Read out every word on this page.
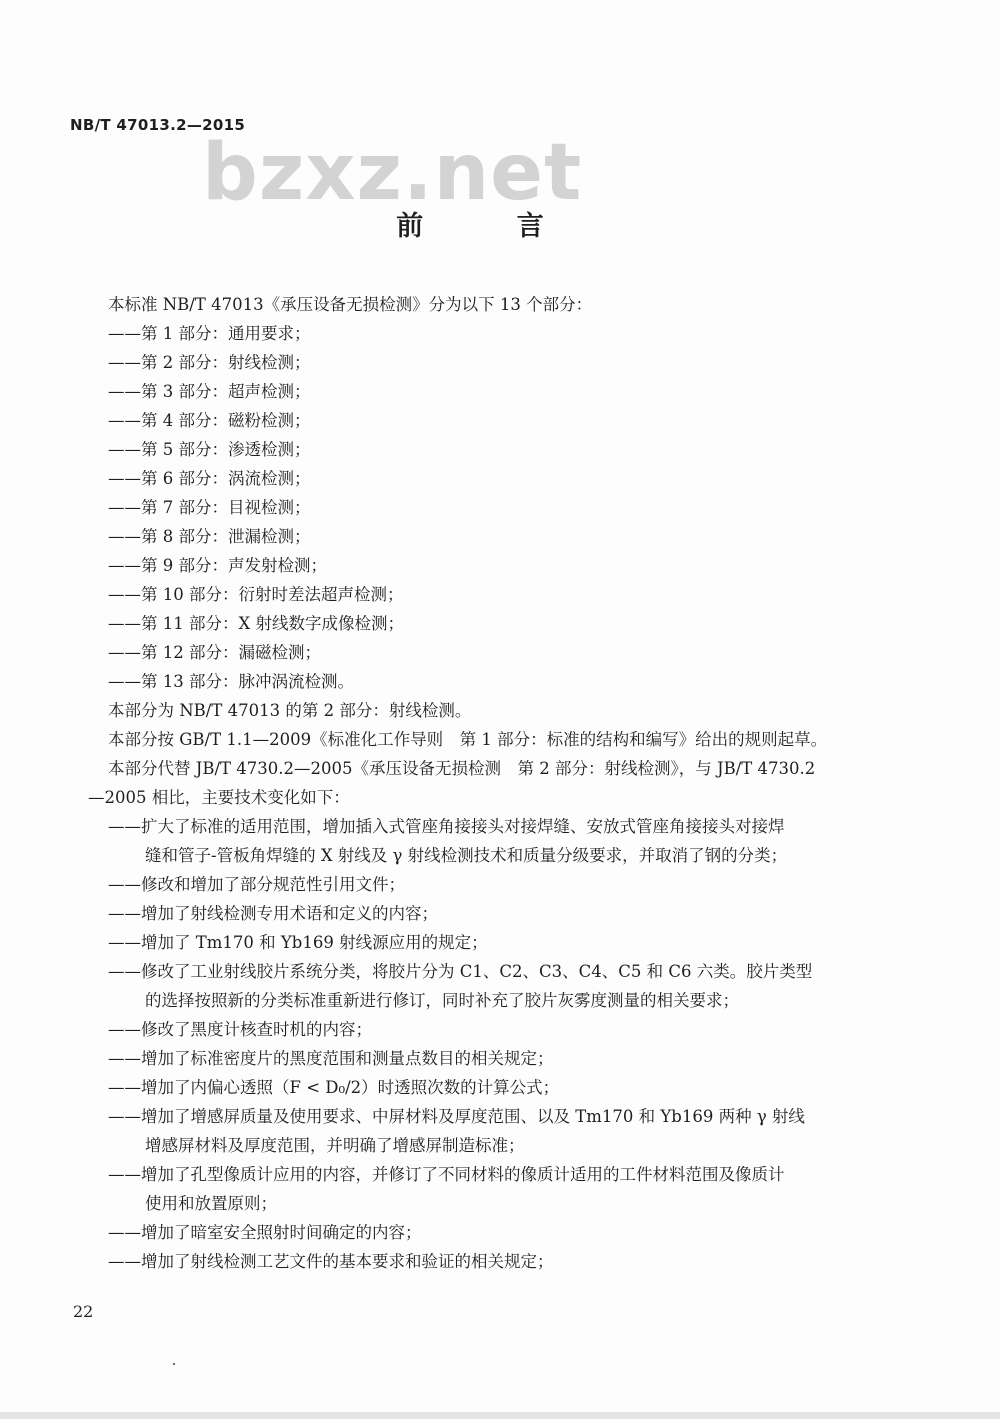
NB/T 47013.2—2015
bzxz.net
前 言
本标准 NB/T 47013《承压设备无损检测》分为以下 13 个部分：
——第 1 部分：通用要求；
——第 2 部分：射线检测；
——第 3 部分：超声检测；
——第 4 部分：磁粉检测；
——第 5 部分：渗透检测；
——第 6 部分：涡流检测；
——第 7 部分：目视检测；
——第 8 部分：泄漏检测；
——第 9 部分：声发射检测；
——第 10 部分：衍射时差法超声检测；
——第 11 部分：X 射线数字成像检测；
——第 12 部分：漏磁检测；
——第 13 部分：脉冲涡流检测。
本部分为 NB/T 47013 的第 2 部分：射线检测。
本部分按 GB/T 1.1—2009《标准化工作导则　第 1 部分：标准的结构和编写》给出的规则起草。
本部分代替 JB/T 4730.2—2005《承压设备无损检测　第 2 部分：射线检测》，与 JB/T 4730.2
—2005 相比，主要技术变化如下：
——扩大了标准的适用范围，增加插入式管座角接接头对接焊缝、安放式管座角接接头对接焊
缝和管子-管板角焊缝的 X 射线及 γ 射线检测技术和质量分级要求，并取消了钢的分类；
——修改和增加了部分规范性引用文件；
——增加了射线检测专用术语和定义的内容；
——增加了 Tm170 和 Yb169 射线源应用的规定；
——修改了工业射线胶片系统分类，将胶片分为 C1、C2、C3、C4、C5 和 C6 六类。胶片类型
的选择按照新的分类标准重新进行修订，同时补充了胶片灰雾度测量的相关要求；
——修改了黑度计核查时机的内容；
——增加了标准密度片的黑度范围和测量点数目的相关规定；
——增加了内偏心透照（F < D₀/2）时透照次数的计算公式；
——增加了增感屏质量及使用要求、中屏材料及厚度范围、以及 Tm170 和 Yb169 两种 γ 射线
增感屏材料及厚度范围，并明确了增感屏制造标准；
——增加了孔型像质计应用的内容，并修订了不同材料的像质计适用的工件材料范围及像质计
使用和放置原则；
——增加了暗室安全照射时间确定的内容；
——增加了射线检测工艺文件的基本要求和验证的相关规定；
22
